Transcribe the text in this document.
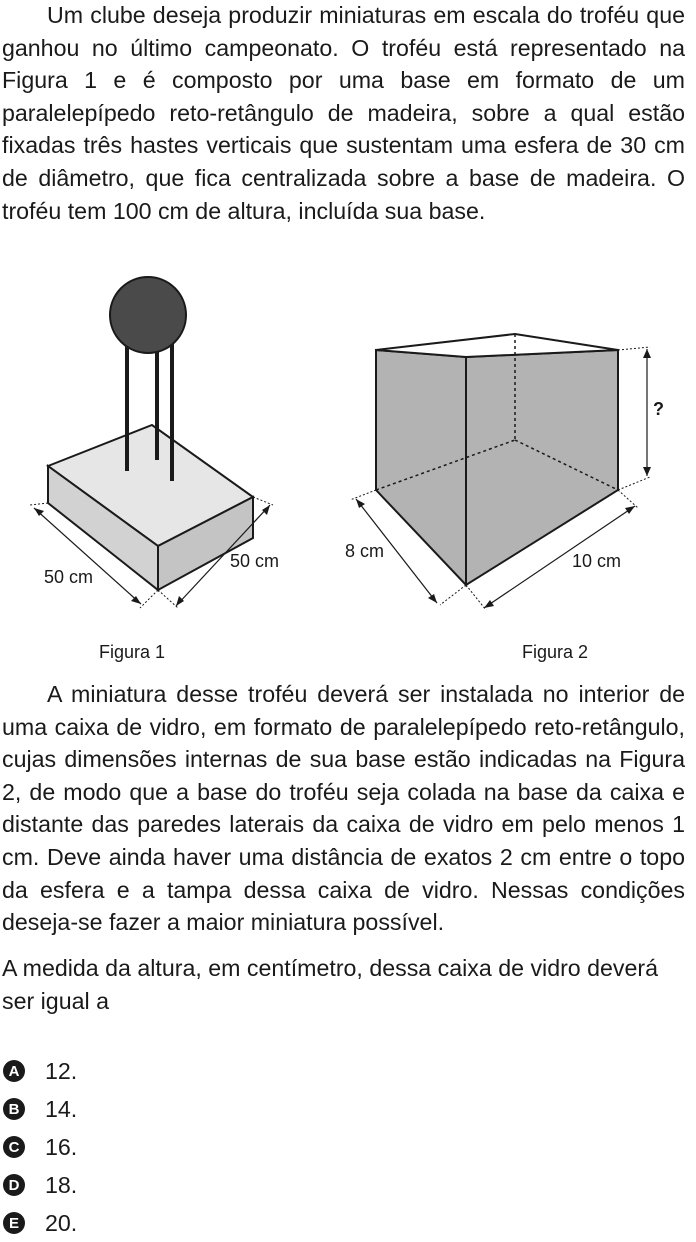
Um clube deseja produzir miniaturas em escala do troféu que ganhou no último campeonato. O troféu está representado na Figura 1 e é composto por uma base em formato de um paralelepípedo reto-retângulo de madeira, sobre a qual estão fixadas três hastes verticais que sustentam uma esfera de 30 cm de diâmetro, que fica centralizada sobre a base de madeira. O troféu tem 100 cm de altura, incluída sua base.

50 cm
50 cm	8 cm	10 cm
?
Figura 1	Figura 2

A miniatura desse troféu deverá ser instalada no interior de uma caixa de vidro, em formato de paralelepípedo reto-retângulo, cujas dimensões internas de sua base estão indicadas na Figura 2, de modo que a base do troféu seja colada na base da caixa e distante das paredes laterais da caixa de vidro em pelo menos 1 cm. Deve ainda haver uma distância de exatos 2 cm entre o topo da esfera e a tampa dessa caixa de vidro. Nessas condições deseja-se fazer a maior miniatura possível.

A medida da altura, em centímetro, dessa caixa de vidro deverá ser igual a

A 12.
B 14.
C 16.
D 18.
E 20.
